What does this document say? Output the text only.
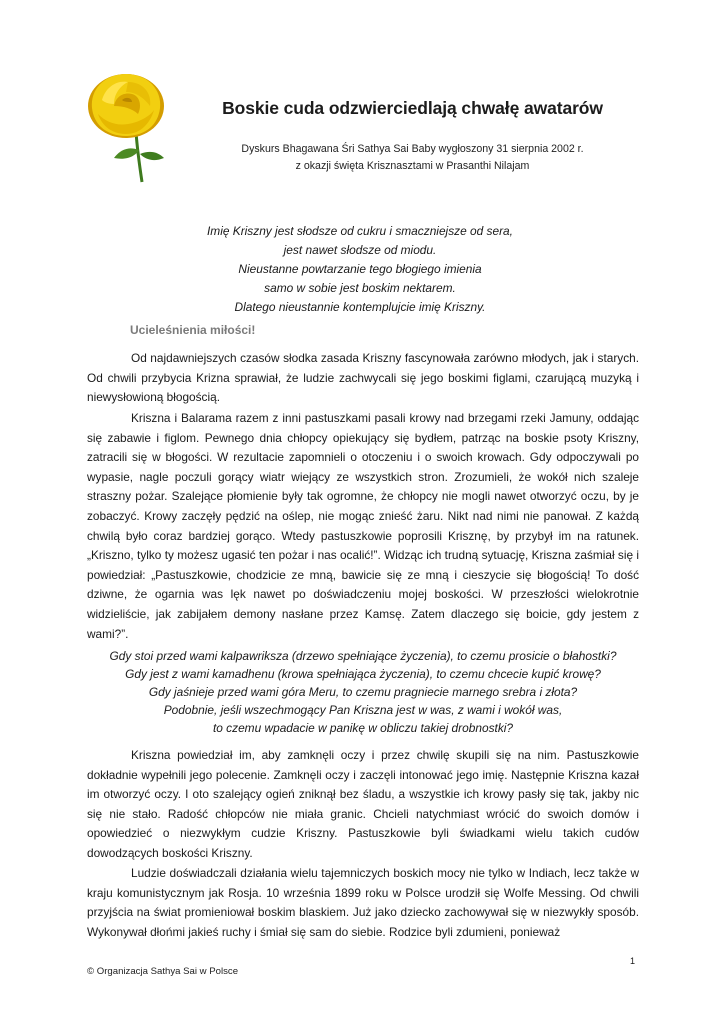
Boskie cuda odzwierciedlają chwałę awatarów
Dyskurs Bhagawana Śri Sathya Sai Baby wygłoszony 31 sierpnia 2002 r.
z okazji święta Krisznasztami w Prasanthi Nilajam
Imię Kriszny jest słodsze od cukru i smaczniejsze od sera,
jest nawet słodsze od miodu.
Nieustanne powtarzanie tego błogiego imienia
samo w sobie jest boskim nektarem.
Dlatego nieustannie kontemplujcie imię Kriszny.
Ucieleśnienia miłości!
Od najdawniejszych czasów słodka zasada Kriszny fascynowała zarówno młodych, jak i starych. Od chwili przybycia Krizna sprawiał, że ludzie zachwycali się jego boskimi figlami, czarującą muzyką i niewysłowioną błogością.
Kriszna i Balarama razem z inni pastuszkami pasali krowy nad brzegami rzeki Jamuny, oddając się zabawie i figlom. Pewnego dnia chłopcy opiekujący się bydłem, patrząc na boskie psoty Kriszny, zatracili się w błogości. W rezultacie zapomnieli o otoczeniu i o swoich krowach. Gdy odpoczywali po wypasie, nagle poczuli gorący wiatr wiejący ze wszystkich stron. Zrozumieli, że wokół nich szaleje straszny pożar. Szalejące płomienie były tak ogromne, że chłopcy nie mogli nawet otworzyć oczu, by je zobaczyć. Krowy zaczęły pędzić na oślep, nie mogąc znieść żaru. Nikt nad nimi nie panował. Z każdą chwilą było coraz bardziej gorąco. Wtedy pastuszkowie poprosili Krisznę, by przybył im na ratunek. „Kriszno, tylko ty możesz ugasić ten pożar i nas ocalić!”. Widząc ich trudną sytuację, Kriszna zaśmiał się i powiedział: „Pastuszkowie, chodzicie ze mną, bawicie się ze mną i cieszycie się błogością! To dość dziwne, że ogarnia was lęk nawet po doświadczeniu mojej boskości. W przeszłości wielokrotnie widzieliście, jak zabijałem demony nasłane przez Kamsę. Zatem dlaczego się boicie, gdy jestem z wami?”.
Gdy stoi przed wami kalpawriksza (drzewo spełniające życzenia), to czemu prosicie o błahostki?
Gdy jest z wami kamadhenu (krowa spełniająca życzenia), to czemu chcecie kupić krowę?
Gdy jaśnieje przed wami góra Meru, to czemu pragniecie marnego srebra i złota?
Podobnie, jeśli wszechmogący Pan Kriszna jest w was, z wami i wokół was,
to czemu wpadacie w panikę w obliczu takiej drobnostki?
Kriszna powiedział im, aby zamknęli oczy i przez chwilę skupili się na nim. Pastuszkowie dokładnie wypełnili jego polecenie. Zamknęli oczy i zaczęli intonować jego imię. Następnie Kriszna kazał im otworzyć oczy. I oto szalejący ogień zniknął bez śladu, a wszystkie ich krowy pasły się tak, jakby nic się nie stało. Radość chłopców nie miała granic. Chcieli natychmiast wrócić do swoich domów i opowiedzieć o niezwykłym cudzie Kriszny. Pastuszkowie byli świadkami wielu takich cudów dowodzących boskości Kriszny.
Ludzie doświadczali działania wielu tajemniczych boskich mocy nie tylko w Indiach, lecz także w kraju komunistycznym jak Rosja. 10 września 1899 roku w Polsce urodził się Wolfe Messing. Od chwili przyjścia na świat promieniował boskim blaskiem. Już jako dziecko zachowywał się w niezwykły sposób. Wykonywał dłońmi jakieś ruchy i śmiał się sam do siebie. Rodzice byli zdumieni, ponieważ
1
© Organizacja Sathya Sai w Polsce
